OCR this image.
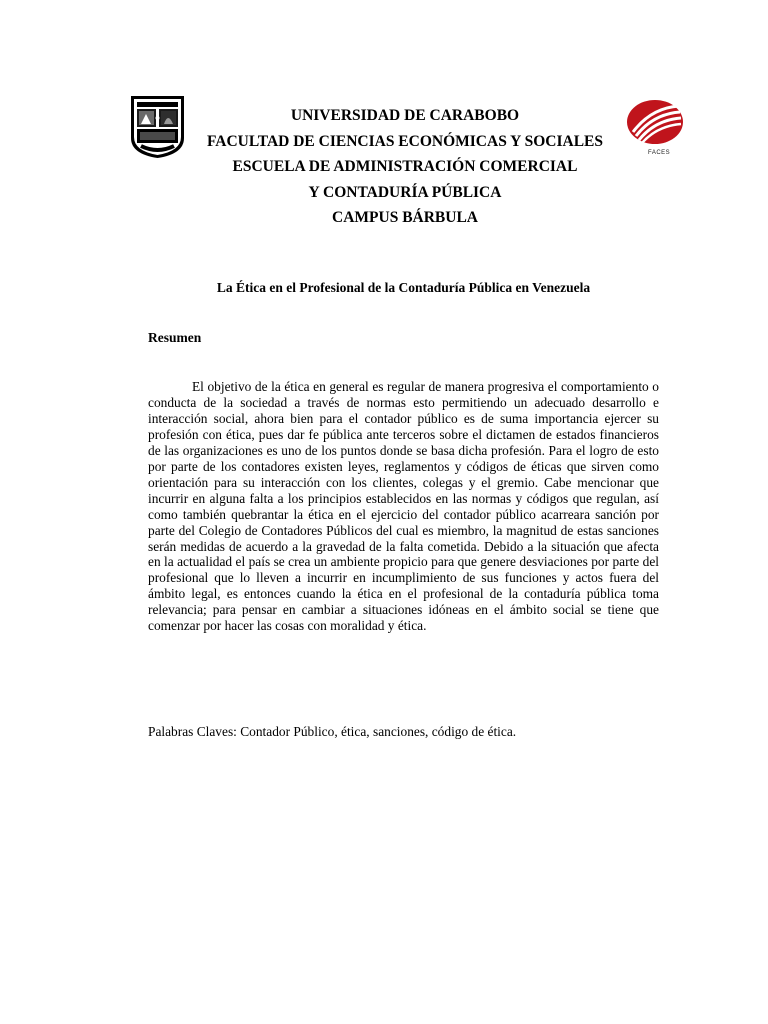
UNIVERSIDAD DE CARABOBO
FACULTAD DE CIENCIAS ECONÓMICAS Y SOCIALES
ESCUELA DE ADMINISTRACIÓN COMERCIAL
Y CONTADURÍA PÚBLICA
CAMPUS BÁRBULA
FACES
La Ética en el Profesional de la Contaduría Pública en Venezuela
Resumen

El objetivo de la ética en general es regular de manera progresiva el comportamiento o conducta de la sociedad a través de normas esto permitiendo un adecuado desarrollo e interacción social, ahora bien para el contador público es de suma importancia ejercer su profesión con ética, pues dar fe pública ante terceros sobre el dictamen de estados financieros de las organizaciones es uno de los puntos donde se basa dicha profesión. Para el logro de esto por parte de los contadores existen leyes, reglamentos y códigos de éticas que sirven como orientación para su interacción con los clientes, colegas y el gremio. Cabe mencionar que incurrir en alguna falta a los principios establecidos en las normas y códigos que regulan, así como también quebrantar la ética en el ejercicio del contador público acarreara sanción por parte del Colegio de Contadores Públicos del cual es miembro, la magnitud de estas sanciones serán medidas de acuerdo a la gravedad de la falta cometida. Debido a la situación que afecta en la actualidad el país se crea un ambiente propicio para que genere desviaciones por parte del profesional que lo lleven a incurrir en incumplimiento de sus funciones y actos fuera del ámbito legal, es entonces cuando la ética en el profesional de la contaduría pública toma relevancia; para pensar en cambiar a situaciones idóneas en el ámbito social se tiene que comenzar por hacer las cosas con moralidad y ética.

Palabras Claves: Contador Público, ética, sanciones, código de ética.
